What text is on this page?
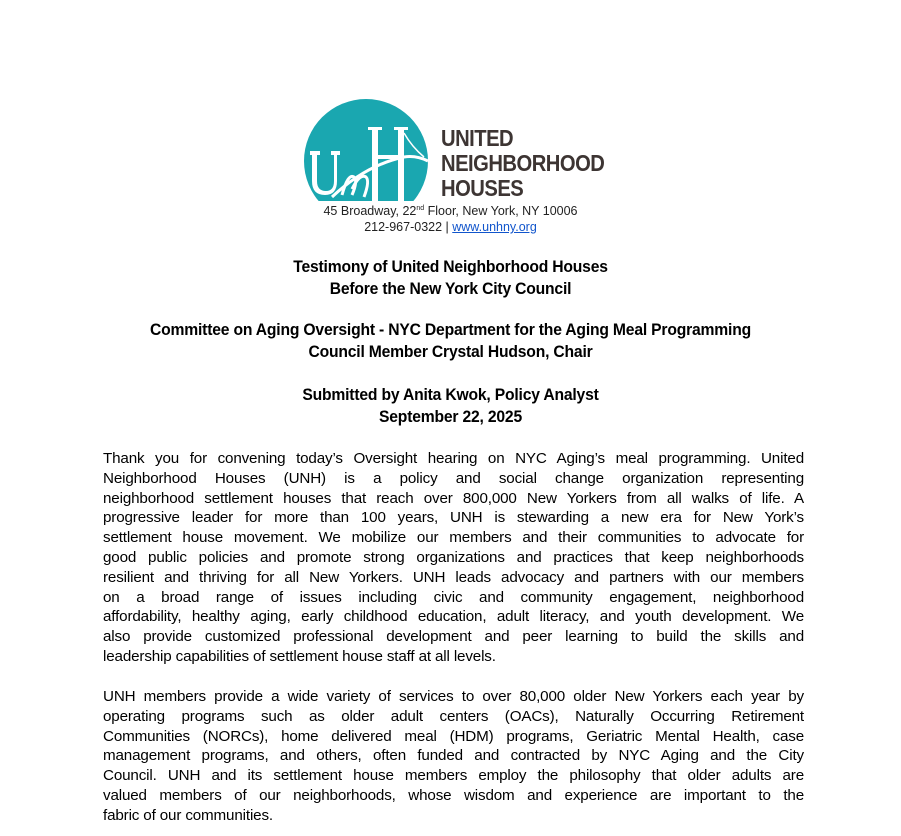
UNITED
NEIGHBORHOOD
HOUSES
45 Broadway, 22nd Floor, New York, NY 10006
212-967-0322 | www.unhny.org
Testimony of United Neighborhood Houses
Before the New York City Council
Committee on Aging Oversight - NYC Department for the Aging Meal Programming
Council Member Crystal Hudson, Chair
Submitted by Anita Kwok, Policy Analyst
September 22, 2025
Thank you for convening today’s Oversight hearing on NYC Aging’s meal programming. United
Neighborhood Houses (UNH) is a policy and social change organization representing
neighborhood settlement houses that reach over 800,000 New Yorkers from all walks of life. A
progressive leader for more than 100 years, UNH is stewarding a new era for New York’s
settlement house movement. We mobilize our members and their communities to advocate for
good public policies and promote strong organizations and practices that keep neighborhoods
resilient and thriving for all New Yorkers. UNH leads advocacy and partners with our members
on a broad range of issues including civic and community engagement, neighborhood
affordability, healthy aging, early childhood education, adult literacy, and youth development. We
also provide customized professional development and peer learning to build the skills and
leadership capabilities of settlement house staff at all levels.
UNH members provide a wide variety of services to over 80,000 older New Yorkers each year by
operating programs such as older adult centers (OACs), Naturally Occurring Retirement
Communities (NORCs), home delivered meal (HDM) programs, Geriatric Mental Health, case
management programs, and others, often funded and contracted by NYC Aging and the City
Council. UNH and its settlement house members employ the philosophy that older adults are
valued members of our neighborhoods, whose wisdom and experience are important to the
fabric of our communities.
